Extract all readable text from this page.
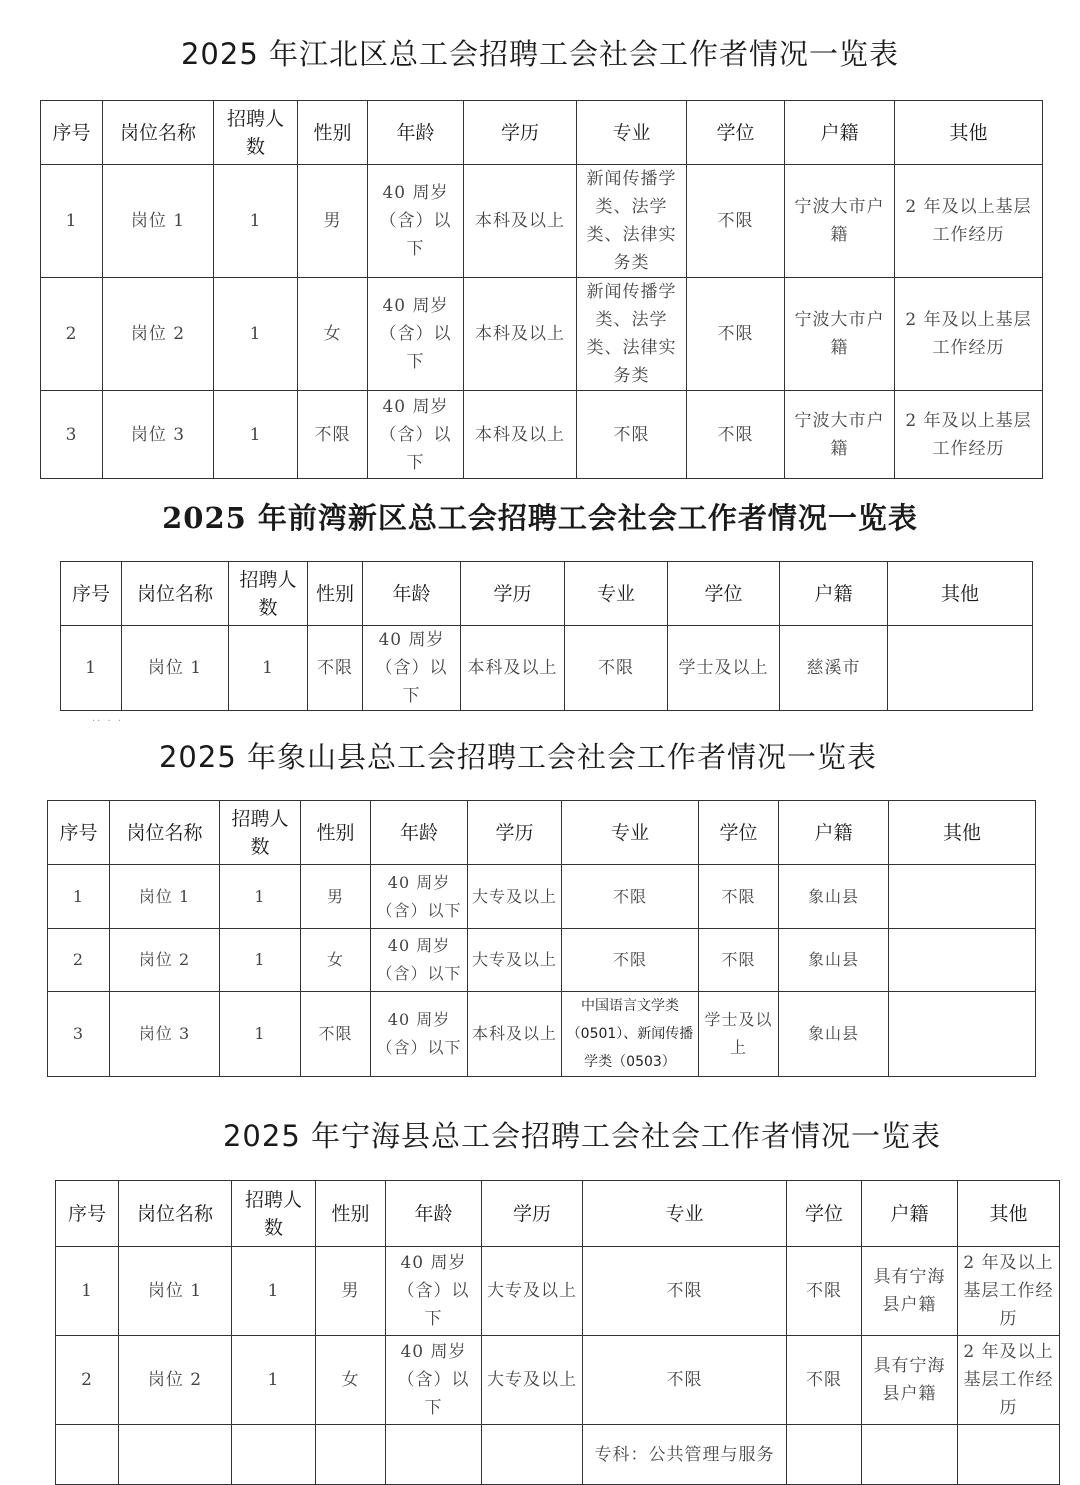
2025 年江北区总工会招聘工会社会工作者情况一览表
序号	岗位名称	招聘人数	性别	年龄	学历	专业	学位	户籍	其他
1	岗位 1	1	男	40 周岁（含）以下	本科及以上	新闻传播学类、法学类、法律实务类	不限	宁波大市户籍	2 年及以上基层工作经历
2	岗位 2	1	女	40 周岁（含）以下	本科及以上	新闻传播学类、法学类、法律实务类	不限	宁波大市户籍	2 年及以上基层工作经历
3	岗位 3	1	不限	40 周岁（含）以下	本科及以上	不限	不限	宁波大市户籍	2 年及以上基层工作经历
2025 年前湾新区总工会招聘工会社会工作者情况一览表
序号	岗位名称	招聘人数	性别	年龄	学历	专业	学位	户籍	其他
1	岗位 1	1	不限	40 周岁（含）以下	本科及以上	不限	学士及以上	慈溪市	
·· · ·
2025 年象山县总工会招聘工会社会工作者情况一览表
序号	岗位名称	招聘人数	性别	年龄	学历	专业	学位	户籍	其他
1	岗位 1	1	男	40 周岁（含）以下	大专及以上	不限	不限	象山县	
2	岗位 2	1	女	40 周岁（含）以下	大专及以上	不限	不限	象山县	
3	岗位 3	1	不限	40 周岁（含）以下	本科及以上	中国语言文学类（0501）、新闻传播学类（0503）	学士及以上	象山县	
2025 年宁海县总工会招聘工会社会工作者情况一览表
序号	岗位名称	招聘人数	性别	年龄	学历	专业	学位	户籍	其他
1	岗位 1	1	男	40 周岁（含）以下	大专及以上	不限	不限	具有宁海县户籍	2 年及以上基层工作经历
2	岗位 2	1	女	40 周岁（含）以下	大专及以上	不限	不限	具有宁海县户籍	2 年及以上基层工作经历
						专科：公共管理与服务			
